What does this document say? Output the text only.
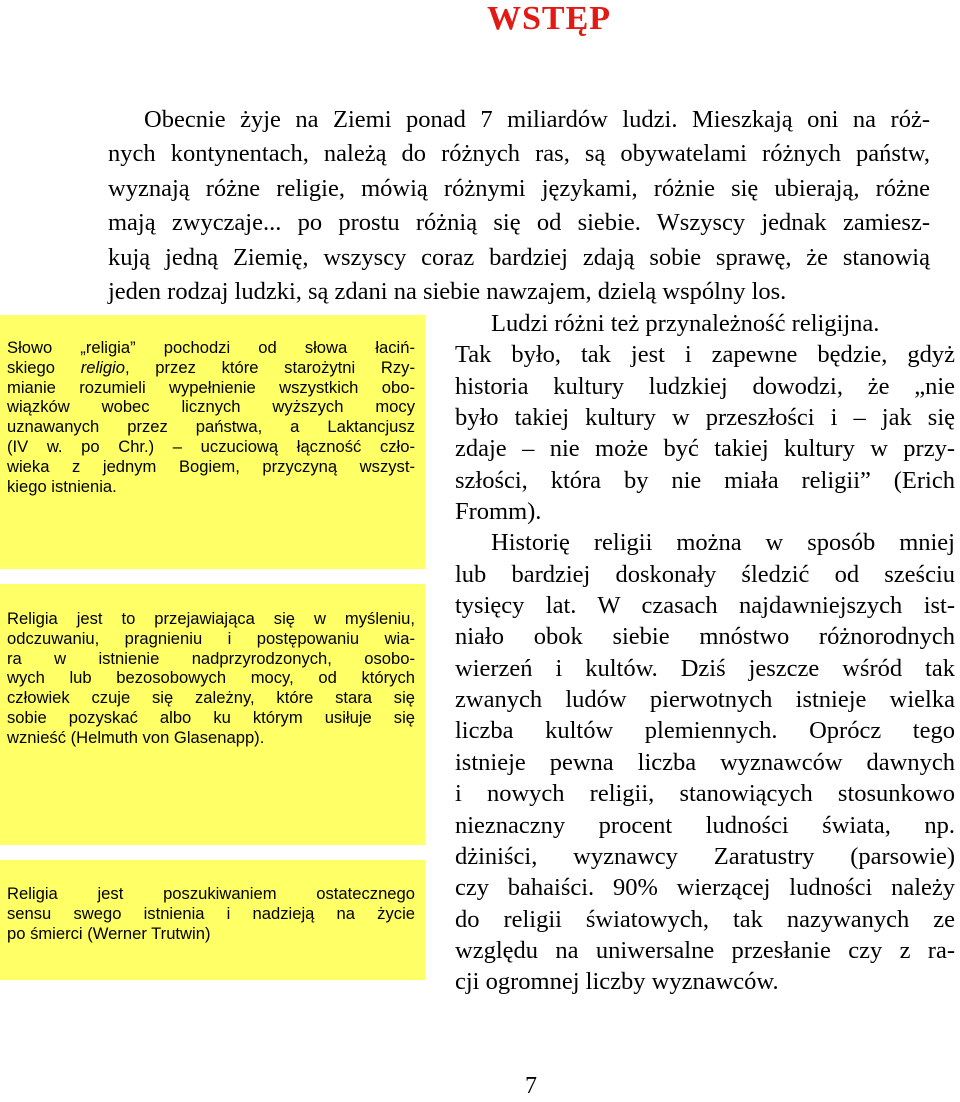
WSTĘP
Obecnie żyje na Ziemi ponad 7 miliardów ludzi. Mieszkają oni na róż-
nych kontynentach, należą do różnych ras, są obywatelami różnych państw,
wyznają różne religie, mówią różnymi językami, różnie się ubierają, różne
mają zwyczaje... po prostu różnią się od siebie. Wszyscy jednak zamiesz-
kują jedną Ziemię, wszyscy coraz bardziej zdają sobie sprawę, że stanowią
jeden rodzaj ludzki, są zdani na siebie nawzajem, dzielą wspólny los.
Ludzi różni też przynależność religijna.
Tak było, tak jest i zapewne będzie, gdyż
historia kultury ludzkiej dowodzi, że „nie
było takiej kultury w przeszłości i – jak się
zdaje – nie może być takiej kultury w przy-
szłości, która by nie miała religii” (Erich
Fromm).
Historię religii można w sposób mniej
lub bardziej doskonały śledzić od sześciu
tysięcy lat. W czasach najdawniejszych ist-
niało obok siebie mnóstwo różnorodnych
wierzeń i kultów. Dziś jeszcze wśród tak
zwanych ludów pierwotnych istnieje wielka
liczba kultów plemiennych. Oprócz tego
istnieje pewna liczba wyznawców dawnych
i nowych religii, stanowiących stosunkowo
nieznaczny procent ludności świata, np.
dżiniści, wyznawcy Zaratustry (parsowie)
czy bahaiści. 90% wierzącej ludności należy
do religii światowych, tak nazywanych ze
względu na uniwersalne przesłanie czy z ra-
cji ogromnej liczby wyznawców.
Słowo „religia” pochodzi od słowa łaciń-
skiego religio, przez które starożytni Rzy-
mianie rozumieli wypełnienie wszystkich obo-
wiązków wobec licznych wyższych mocy
uznawanych przez państwa, a Laktancjusz
(IV w. po Chr.) – uczuciową łączność czło-
wieka z jednym Bogiem, przyczyną wszyst-
kiego istnienia.
Religia jest to przejawiająca się w myśleniu,
odczuwaniu, pragnieniu i postępowaniu wia-
ra w istnienie nadprzyrodzonych, osobo-
wych lub bezosobowych mocy, od których
człowiek czuje się zależny, które stara się
sobie pozyskać albo ku którym usiłuje się
wznieść (Helmuth von Glasenapp).
Religia jest poszukiwaniem ostatecznego
sensu swego istnienia i nadzieją na życie
po śmierci (Werner Trutwin)
7
